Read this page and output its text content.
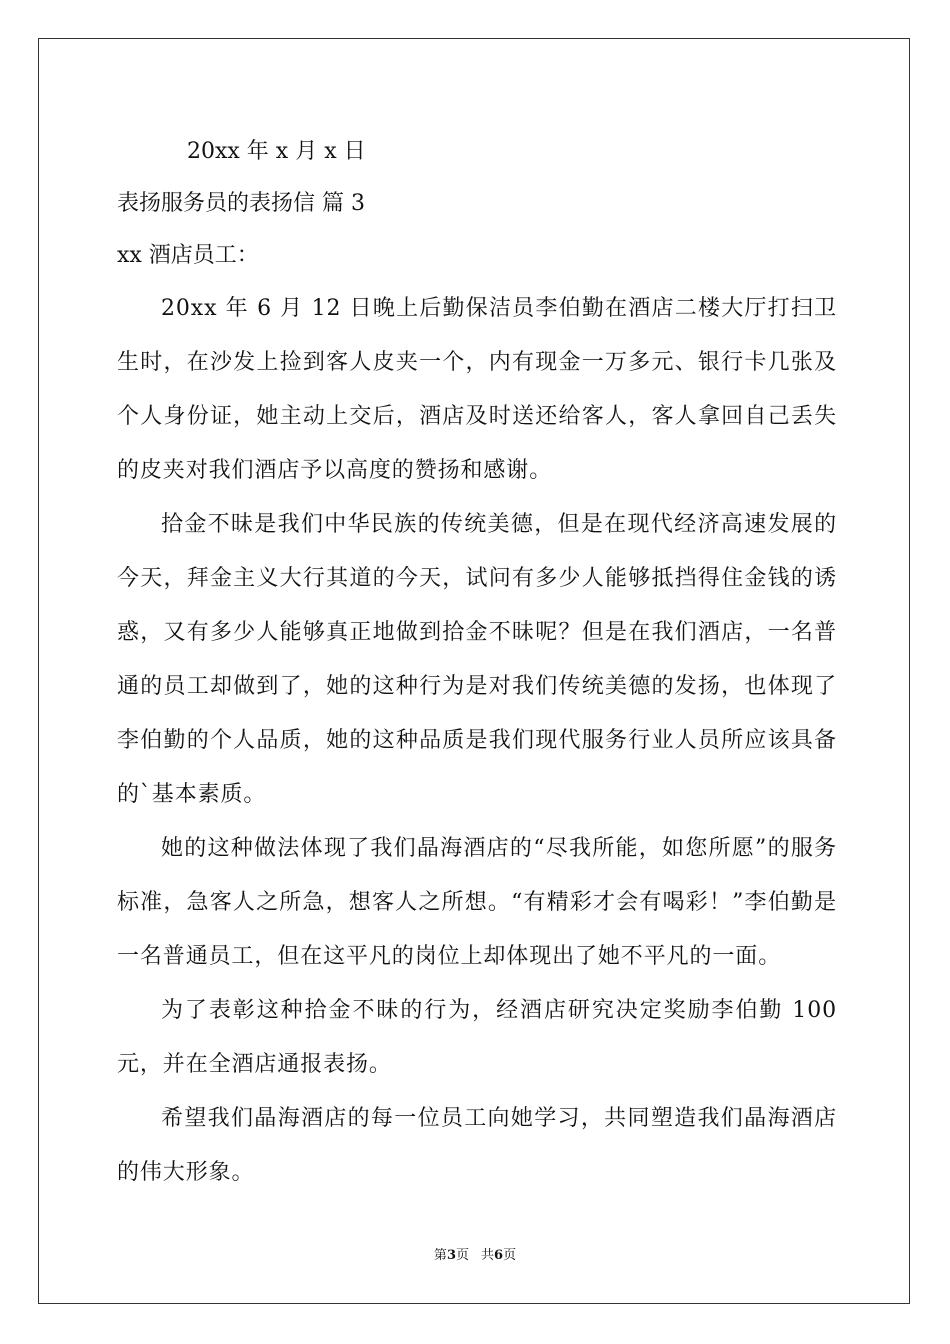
20xx 年 x 月 x 日
表扬服务员的表扬信 篇 3
xx 酒店员工：

20xx 年 6 月 12 日晚上后勤保洁员李伯勤在酒店二楼大厅打扫卫生时，在沙发上捡到客人皮夹一个，内有现金一万多元、银行卡几张及个人身份证，她主动上交后，酒店及时送还给客人，客人拿回自己丢失的皮夹对我们酒店予以高度的赞扬和感谢。

拾金不昧是我们中华民族的传统美德，但是在现代经济高速发展的今天，拜金主义大行其道的今天，试问有多少人能够抵挡得住金钱的诱惑，又有多少人能够真正地做到拾金不昧呢？但是在我们酒店，一名普通的员工却做到了，她的这种行为是对我们传统美德的发扬，也体现了李伯勤的个人品质，她的这种品质是我们现代服务行业人员所应该具备的`基本素质。

她的这种做法体现了我们晶海酒店的“尽我所能，如您所愿”的服务标准，急客人之所急，想客人之所想。“有精彩才会有喝彩！”李伯勤是一名普通员工，但在这平凡的岗位上却体现出了她不平凡的一面。

为了表彰这种拾金不昧的行为，经酒店研究决定奖励李伯勤 100 元，并在全酒店通报表扬。

希望我们晶海酒店的每一位员工向她学习，共同塑造我们晶海酒店的伟大形象。

第3页 共6页
